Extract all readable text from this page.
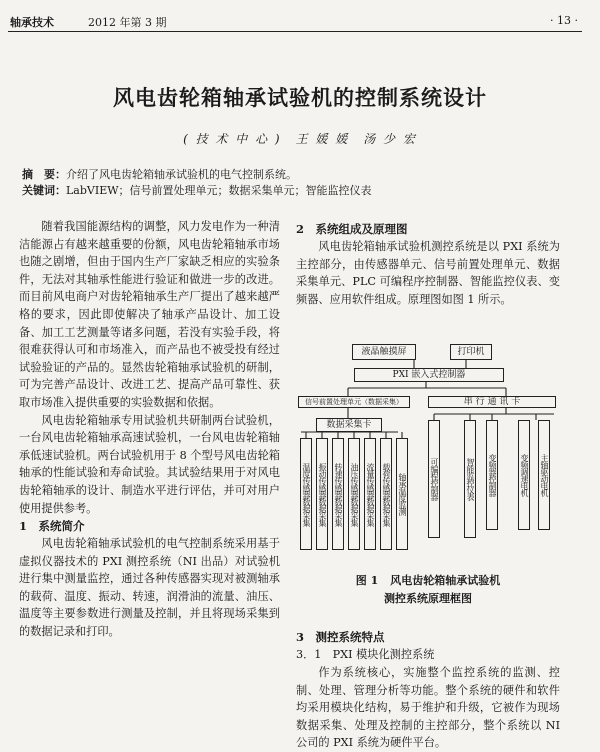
轴承技术	2012 年第 3 期	· 13 ·
风电齿轮箱轴承试验机的控制系统设计
( 技 术 中 心 )　王 媛 媛　汤 少 宏
摘　要：介绍了风电齿轮箱轴承试验机的电气控制系统。
关键词：LabVIEW；信号前置处理单元；数据采集单元；智能监控仪表

随着我国能源结构的调整，风力发电作为一种清洁能源占有越来越重要的份额，风电齿轮箱轴承市场也随之剧增，但由于国内生产厂家缺乏相应的实验条件，无法对其轴承性能进行验证和做进一步的改进。而目前风电商户对齿轮箱轴承生产厂提出了越来越严格的要求，因此即使解决了轴承产品设计、加工设备、加工工艺测量等诸多问题，若没有实验手段，将很难获得认可和市场准入，而产品也不被受投有经过试验验证的产品的。显然齿轮箱轴承试验机的研制，可为完善产品设计、改进工艺、提高产品可靠性、获取市场准入提供重要的实验数据和依据。

风电齿轮箱轴承专用试验机共研制两台试验机，一台风电齿轮箱轴承高速试验机，一台风电齿轮箱轴承低速试验机。两台试验机用于 8 个型号风电齿轮箱轴承的性能试验和寿命试验。其试验结果用于对风电齿轮箱轴承的设计、制造水平进行评估，并可对用户使用提供参考。

1　系统简介

风电齿轮箱轴承试验机的电气控制系统采用基于虚拟仪器技术的 PXI 测控系统（NI 出品）对试验机进行集中测量监控，通过各种传感器实现对被测轴承的载荷、温度、振动、转速，润滑油的流量、油压、温度等主要参数进行测量及控制，并且将现场采集到的数据记录和打印。

2　系统组成及原理图

风电齿轮箱轴承试验机测控系统是以 PXI 系统为主控部分，由传感器单元、信号前置处理单元、数据采集单元、PLC 可编程序控制器、智能监控仪表、变频器、应用软件组成。原理图如图 1 所示。

液晶触摸屏	打印机
PXI 嵌入式控制器
信号前置处理单元（数据采集）	串 行 通 讯 卡
数据采集卡
温度传感器数据采集 振动传感器数据采集 转速传感器数据采集 油压传感器数据采集 流量传感器数据采集 载荷传感器数据采集 轴承温度监测	可编程控制器	智能监控仪表 变频器控制器	变频调速电机 主轴驱动电机
图 1 风电齿轮箱轴承试验机
测控系统原理框图
3　测控系统特点
3．1　PXI 模块化测控系统

作为系统核心，实施整个监控系统的监测、控制、处理、管理分析等功能。整个系统的硬件和软件均采用模块化结构，易于维护和升级，它被作为现场数据采集、处理及控制的主控部分，整个系统以 NI 公司的 PXI 系统为硬件平台。
